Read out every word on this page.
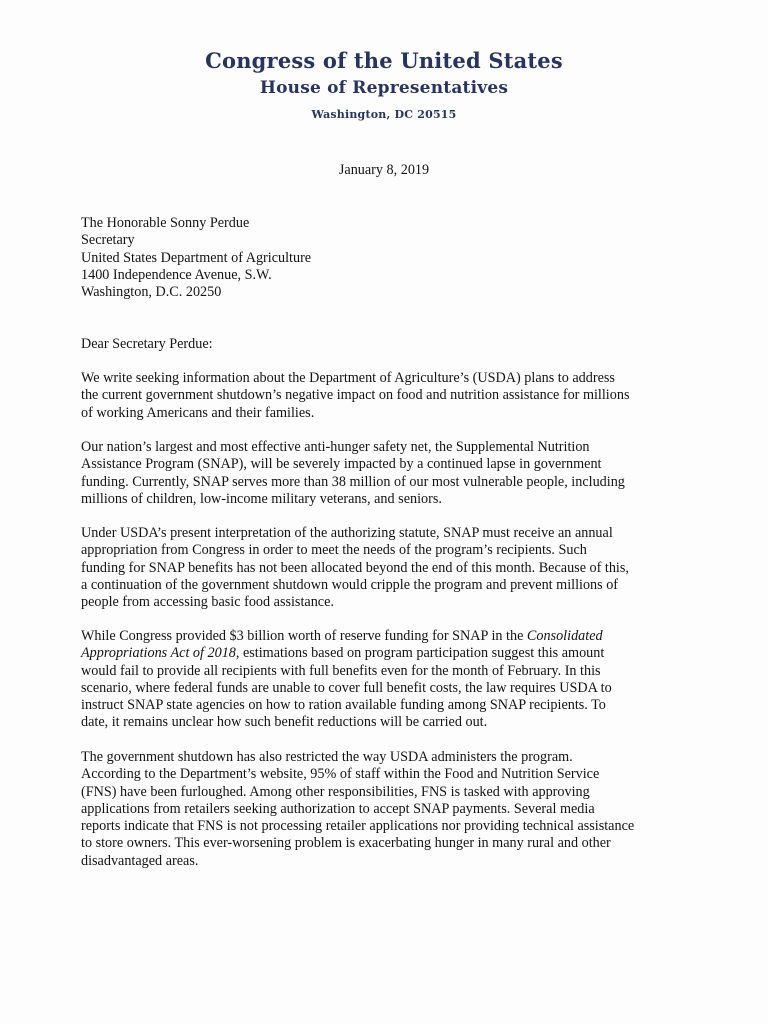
Congress of the United States
House of Representatives
Washington, DC 20515
January 8, 2019
The Honorable Sonny Perdue
Secretary
United States Department of Agriculture
1400 Independence Avenue, S.W.
Washington, D.C. 20250
Dear Secretary Perdue:
We write seeking information about the Department of Agriculture’s (USDA) plans to address
the current government shutdown’s negative impact on food and nutrition assistance for millions
of working Americans and their families.
Our nation’s largest and most effective anti-hunger safety net, the Supplemental Nutrition
Assistance Program (SNAP), will be severely impacted by a continued lapse in government
funding. Currently, SNAP serves more than 38 million of our most vulnerable people, including
millions of children, low-income military veterans, and seniors.
Under USDA’s present interpretation of the authorizing statute, SNAP must receive an annual
appropriation from Congress in order to meet the needs of the program’s recipients. Such
funding for SNAP benefits has not been allocated beyond the end of this month. Because of this,
a continuation of the government shutdown would cripple the program and prevent millions of
people from accessing basic food assistance.
While Congress provided $3 billion worth of reserve funding for SNAP in the Consolidated
Appropriations Act of 2018, estimations based on program participation suggest this amount
would fail to provide all recipients with full benefits even for the month of February. In this
scenario, where federal funds are unable to cover full benefit costs, the law requires USDA to
instruct SNAP state agencies on how to ration available funding among SNAP recipients. To
date, it remains unclear how such benefit reductions will be carried out.
The government shutdown has also restricted the way USDA administers the program.
According to the Department’s website, 95% of staff within the Food and Nutrition Service
(FNS) have been furloughed. Among other responsibilities, FNS is tasked with approving
applications from retailers seeking authorization to accept SNAP payments. Several media
reports indicate that FNS is not processing retailer applications nor providing technical assistance
to store owners. This ever-worsening problem is exacerbating hunger in many rural and other
disadvantaged areas.
